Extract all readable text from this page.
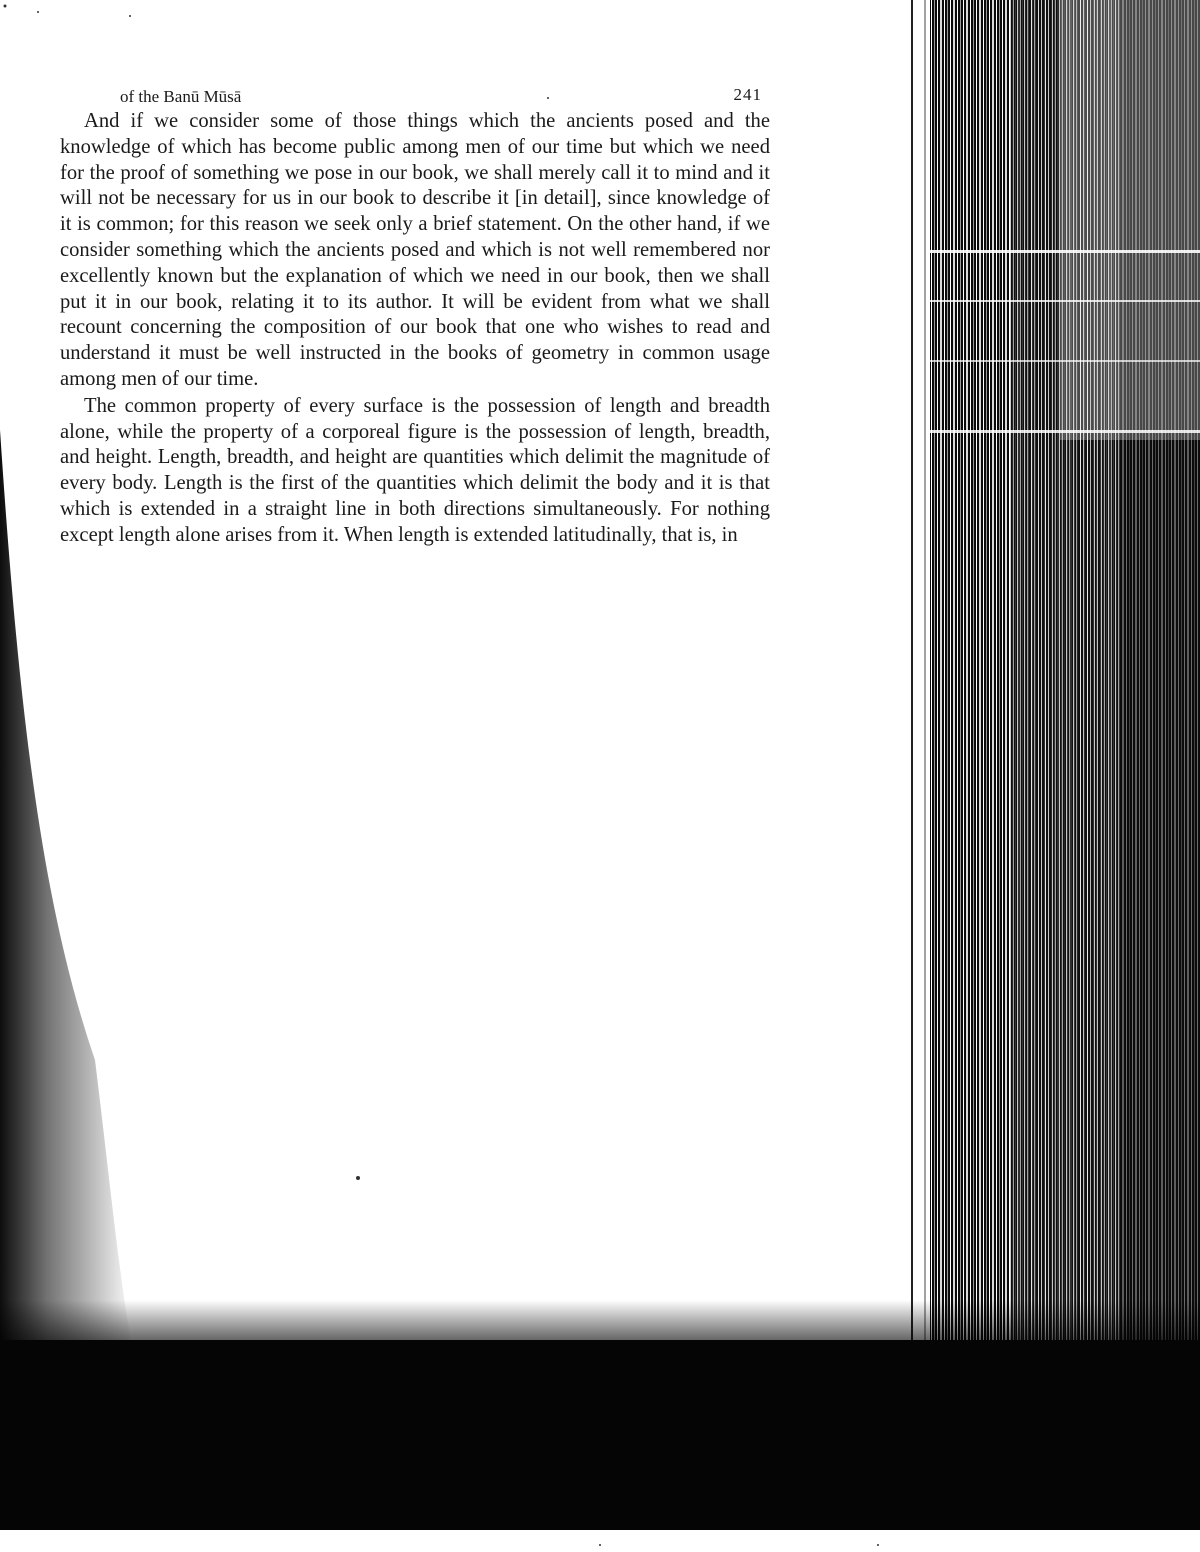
of the Banū Mūsā	241

And if we consider some of those things which the ancients posed and the knowledge of which has become public among men of our time but which we need for the proof of something we pose in our book, we shall merely call it to mind and it will not be necessary for us in our book to describe it [in detail], since knowledge of it is common; for this reason we seek only a brief statement. On the other hand, if we consider something which the ancients posed and which is not well remembered nor excellently known but the explanation of which we need in our book, then we shall put it in our book, relating it to its author. It will be evident from what we shall recount concerning the composition of our book that one who wishes to read and understand it must be well instructed in the books of geometry in common usage among men of our time.

The common property of every surface is the possession of length and breadth alone, while the property of a corporeal figure is the possession of length, breadth, and height. Length, breadth, and height are quantities which delimit the magnitude of every body. Length is the first of the quantities which delimit the body and it is that which is extended in a straight line in both directions simultaneously. For nothing except length alone arises from it. When length is extended latitudinally, that is, in
